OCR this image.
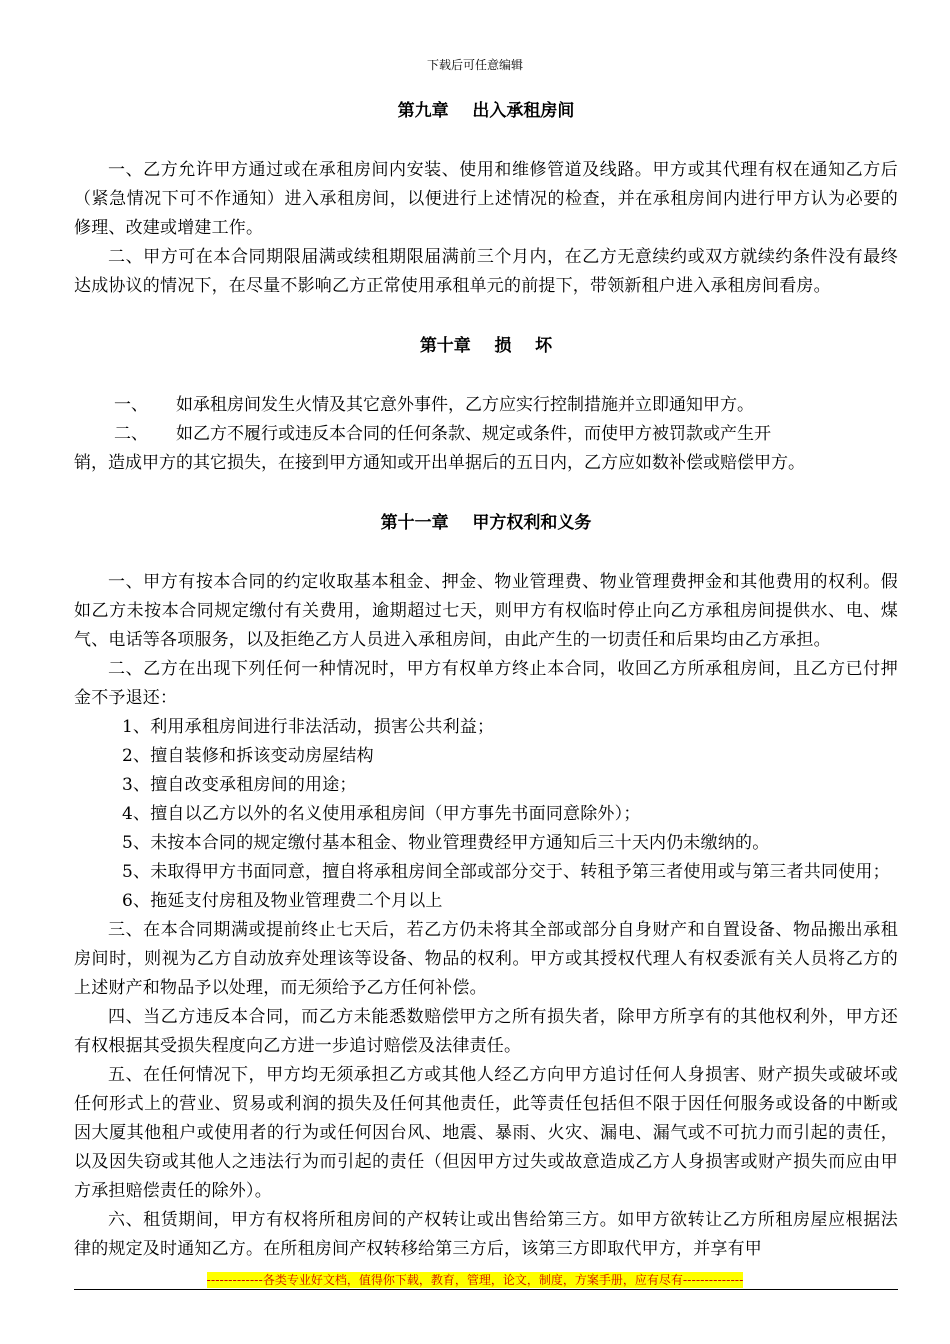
下载后可任意编辑

第九章    出入承租房间

一、乙方允许甲方通过或在承租房间内安装、使用和维修管道及线路。甲方或其代理有权在通知乙方后（紧急情况下可不作通知）进入承租房间，以便进行上述情况的检查，并在承租房间内进行甲方认为必要的修理、改建或增建工作。

二、甲方可在本合同期限届满或续租期限届满前三个月内，在乙方无意续约或双方就续约条件没有最终达成协议的情况下，在尽量不影响乙方正常使用承租单元的前提下，带领新租户进入承租房间看房。

第十章    损    坏

一、	如承租房间发生火情及其它意外事件，乙方应实行控制措施并立即通知甲方。
二、	如乙方不履行或违反本合同的任何条款、规定或条件，而使甲方被罚款或产生开

销，造成甲方的其它损失，在接到甲方通知或开出单据后的五日内，乙方应如数补偿或赔偿甲方。

第十一章    甲方权利和义务

一、甲方有按本合同的约定收取基本租金、押金、物业管理费、物业管理费押金和其他费用的权利。假如乙方未按本合同规定缴付有关费用，逾期超过七天，则甲方有权临时停止向乙方承租房间提供水、电、煤气、电话等各项服务，以及拒绝乙方人员进入承租房间，由此产生的一切责任和后果均由乙方承担。

二、乙方在出现下列任何一种情况时，甲方有权单方终止本合同，收回乙方所承租房间，且乙方已付押金不予退还：

1、利用承租房间进行非法活动，损害公共利益；

2、擅自装修和拆该变动房屋结构

3、擅自改变承租房间的用途；

4、擅自以乙方以外的名义使用承租房间（甲方事先书面同意除外）；

5、未按本合同的规定缴付基本租金、物业管理费经甲方通知后三十天内仍未缴纳的。

5、未取得甲方书面同意，擅自将承租房间全部或部分交于、转租予第三者使用或与第三者共同使用；

6、拖延支付房租及物业管理费二个月以上

三、在本合同期满或提前终止七天后，若乙方仍未将其全部或部分自身财产和自置设备、物品搬出承租房间时，则视为乙方自动放弃处理该等设备、物品的权利。甲方或其授权代理人有权委派有关人员将乙方的上述财产和物品予以处理，而无须给予乙方任何补偿。

四、当乙方违反本合同，而乙方未能悉数赔偿甲方之所有损失者，除甲方所享有的其他权利外，甲方还有权根据其受损失程度向乙方进一步追讨赔偿及法律责任。

五、在任何情况下，甲方均无须承担乙方或其他人经乙方向甲方追讨任何人身损害、财产损失或破坏或任何形式上的营业、贸易或利润的损失及任何其他责任，此等责任包括但不限于因任何服务或设备的中断或因大厦其他租户或使用者的行为或任何因台风、地震、暴雨、火灾、漏电、漏气或不可抗力而引起的责任，以及因失窃或其他人之违法行为而引起的责任（但因甲方过失或故意造成乙方人身损害或财产损失而应由甲方承担赔偿责任的除外）。

六、租赁期间，甲方有权将所租房间的产权转让或出售给第三方。如甲方欲转让乙方所租房屋应根据法律的规定及时通知乙方。在所租房间产权转移给第三方后，该第三方即取代甲方，并享有甲

-------------各类专业好文档，值得你下载，教育，管理，论文，制度，方案手册，应有尽有--------------
